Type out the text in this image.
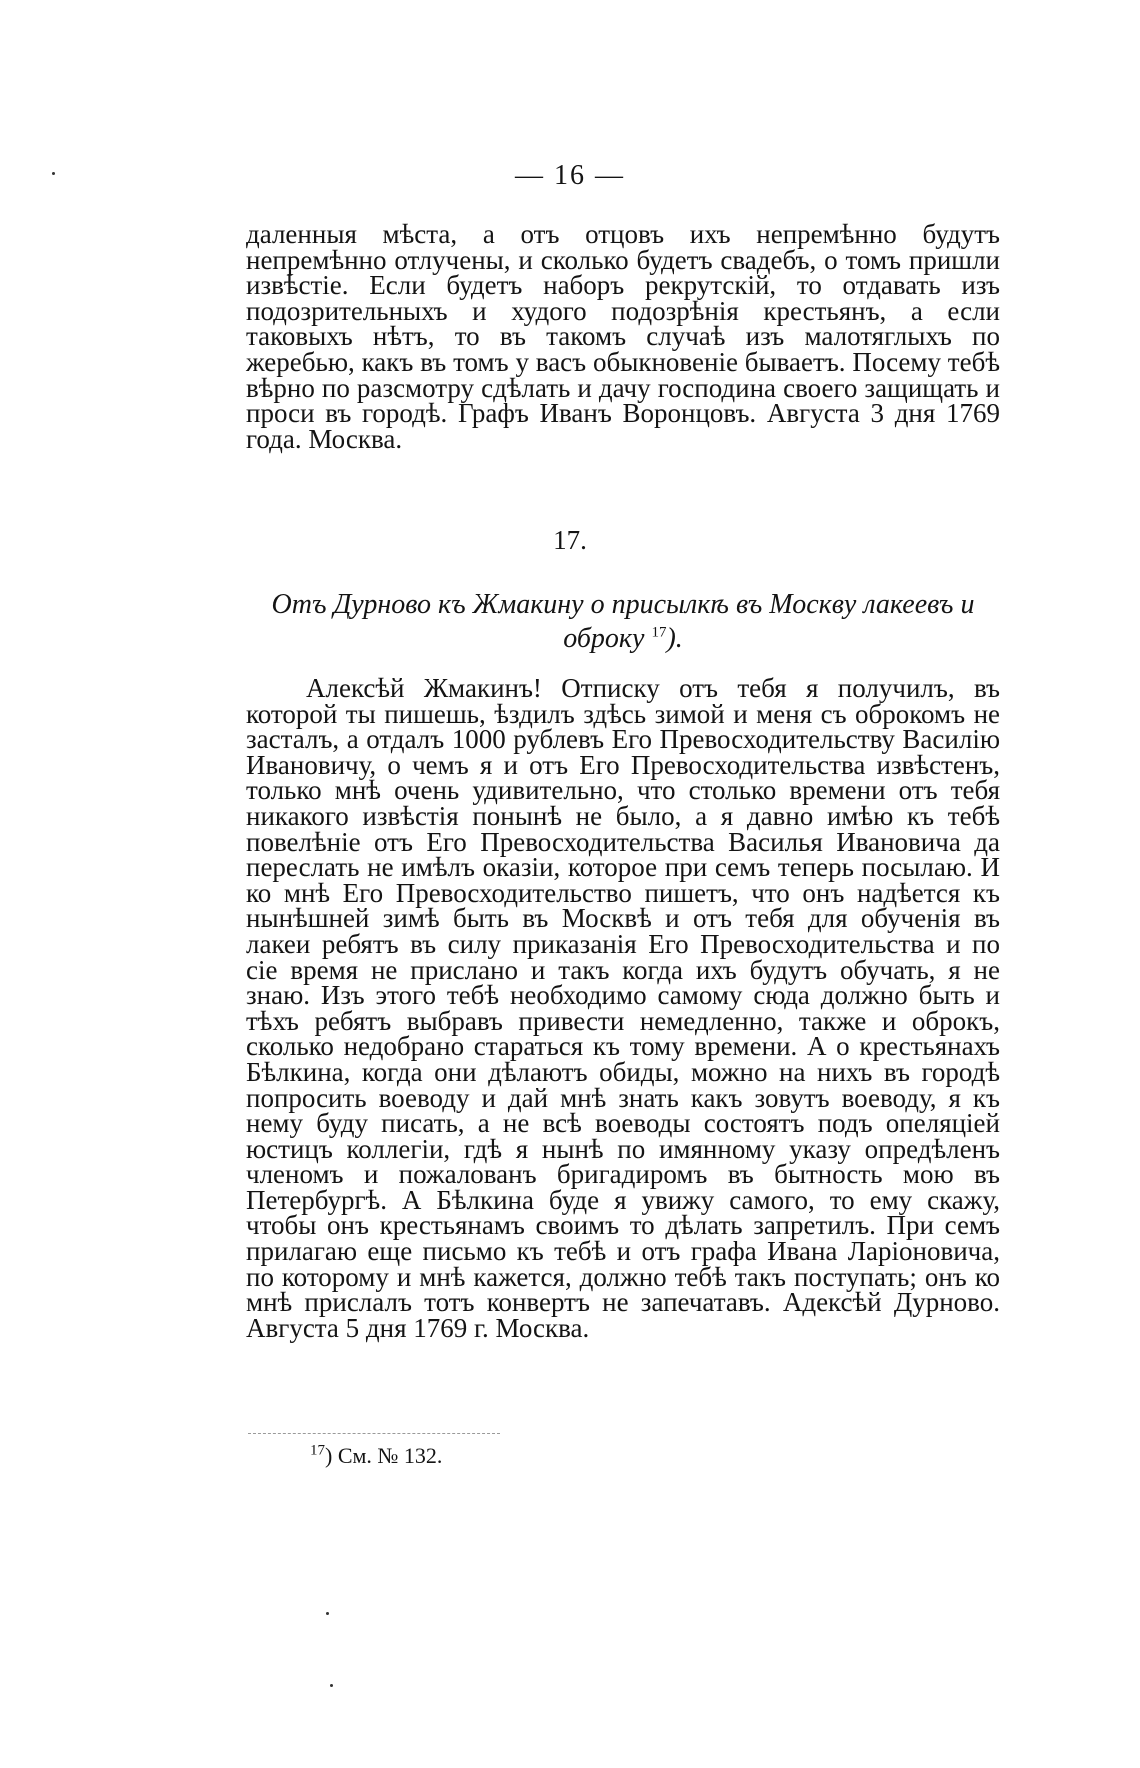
— 16 —

даленныя мѣста, а отъ отцовъ ихъ непремѣнно будутъ непремѣнно отлучены, и сколько будетъ свадебъ, о томъ пришли извѣстіе. Если будетъ наборъ рекрутскій, то отдавать изъ подозрительныхъ и худого подозрѣнія крестьянъ, а если таковыхъ нѣтъ, то въ такомъ случаѣ изъ малотяглыхъ по жеребью, какъ въ томъ у васъ обыкновеніе бываетъ. Посему тебѣ вѣрно по разсмотру сдѣлать и дачу господина своего защищать и проси въ городѣ. Графъ Иванъ Воронцовъ. Августа 3 дня 1769 года. Москва.

17.

Отъ Дурново къ Жмакину о присылкѣ въ Москву лакеевъ и оброку $^{17}$).

Алексѣй Жмакинъ! Отписку отъ тебя я получилъ, въ которой ты пишешь, ѣздилъ здѣсь зимой и меня съ оброкомъ не засталъ, а отдалъ 1000 рублевъ Его Превосходительству Василію Ивановичу, о чемъ я и отъ Его Превосходительства извѣстенъ, только мнѣ очень удивительно, что столько времени отъ тебя никакого извѣстія понынѣ не было, а я давно имѣю къ тебѣ повелѣніе отъ Его Превосходительства Василья Ивановича да переслать не имѣлъ оказіи, которое при семъ теперь посылаю. И ко мнѣ Его Превосходительство пишетъ, что онъ надѣется къ нынѣшней зимѣ быть въ Москвѣ и отъ тебя для обученія въ лакеи ребятъ въ силу приказанія Его Превосходительства и по сіе время не прислано и такъ когда ихъ будутъ обучать, я не знаю. Изъ этого тебѣ необходимо самому сюда должно быть и тѣхъ ребятъ выбравъ привести немедленно, также и оброкъ, сколько недобрано стараться къ тому времени. А о крестьянахъ Бѣлкина, когда они дѣлаютъ обиды, можно на нихъ въ городѣ попросить воеводу и дай мнѣ знать какъ зовутъ воеводу, я къ нему буду писать, а не всѣ воеводы состоятъ подъ опеляціей юстицъ коллегіи, гдѣ я нынѣ по имянному указу опредѣленъ членомъ и пожалованъ бригадиромъ въ бытность мою въ Петербургѣ. А Бѣлкина буде я увижу самого, то ему скажу, чтобы онъ крестьянамъ своимъ то дѣлать запретилъ. При семъ прилагаю еще письмо къ тебѣ и отъ графа Ивана Ларіоновича, по которому и мнѣ кажется, должно тебѣ такъ поступать; онъ ко мнѣ прислалъ тотъ конвертъ не запечатавъ. Адексѣй Дурново. Августа 5 дня 1769 г. Москва.

$^{17}$) См. № 132.
